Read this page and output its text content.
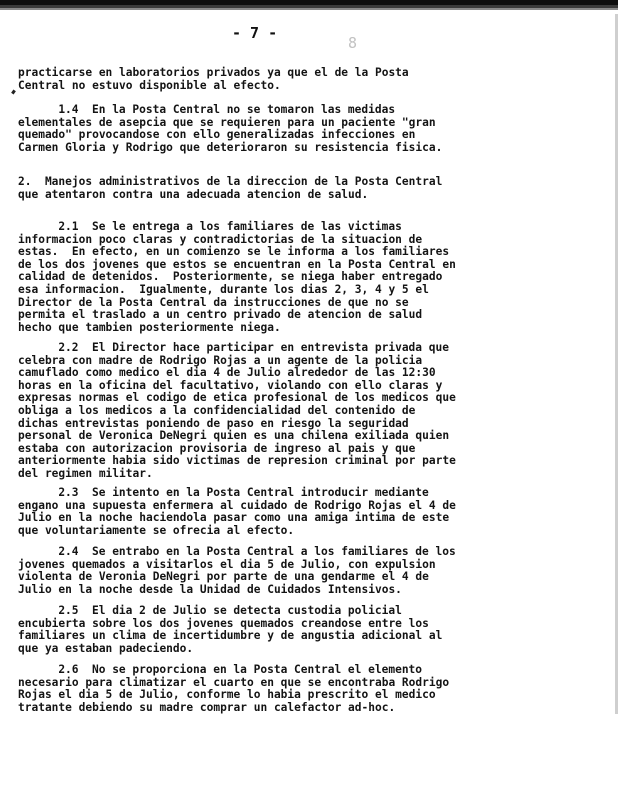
8
- 7 -
practicarse en laboratorios privados ya que el de la Posta
Central no estuvo disponible al efecto.
1.4  En la Posta Central no se tomaron las medidas
elementales de asepcia que se requieren para un paciente "gran
quemado" provocandose con ello generalizadas infecciones en
Carmen Gloria y Rodrigo que deterioraron su resistencia fisica.
2.  Manejos administrativos de la direccion de la Posta Central
que atentaron contra una adecuada atencion de salud.
2.1  Se le entrega a los familiares de las victimas
informacion poco claras y contradictorias de la situacion de
estas.  En efecto, en un comienzo se le informa a los familiares
de los dos jovenes que estos se encuentran en la Posta Central en
calidad de detenidos.  Posteriormente, se niega haber entregado
esa informacion.  Igualmente, durante los dias 2, 3, 4 y 5 el
Director de la Posta Central da instrucciones de que no se
permita el traslado a un centro privado de atencion de salud
hecho que tambien posteriormente niega.
2.2  El Director hace participar en entrevista privada que
celebra con madre de Rodrigo Rojas a un agente de la policia
camuflado como medico el dia 4 de Julio alrededor de las 12:30
horas en la oficina del facultativo, violando con ello claras y
expresas normas el codigo de etica profesional de los medicos que
obliga a los medicos a la confidencialidad del contenido de
dichas entrevistas poniendo de paso en riesgo la seguridad
personal de Veronica DeNegri quien es una chilena exiliada quien
estaba con autorizacion provisoria de ingreso al pais y que
anteriormente habia sido victimas de represion criminal por parte
del regimen militar.
2.3  Se intento en la Posta Central introducir mediante
engano una supuesta enfermera al cuidado de Rodrigo Rojas el 4 de
Julio en la noche haciendola pasar como una amiga intima de este
que voluntariamente se ofrecia al efecto.
2.4  Se entrabo en la Posta Central a los familiares de los
jovenes quemados a visitarlos el dia 5 de Julio, con expulsion
violenta de Veronia DeNegri por parte de una gendarme el 4 de
Julio en la noche desde la Unidad de Cuidados Intensivos.
2.5  El dia 2 de Julio se detecta custodia policial
encubierta sobre los dos jovenes quemados creandose entre los
familiares un clima de incertidumbre y de angustia adicional al
que ya estaban padeciendo.
2.6  No se proporciona en la Posta Central el elemento
necesario para climatizar el cuarto en que se encontraba Rodrigo
Rojas el dia 5 de Julio, conforme lo habia prescrito el medico
tratante debiendo su madre comprar un calefactor ad-hoc.
